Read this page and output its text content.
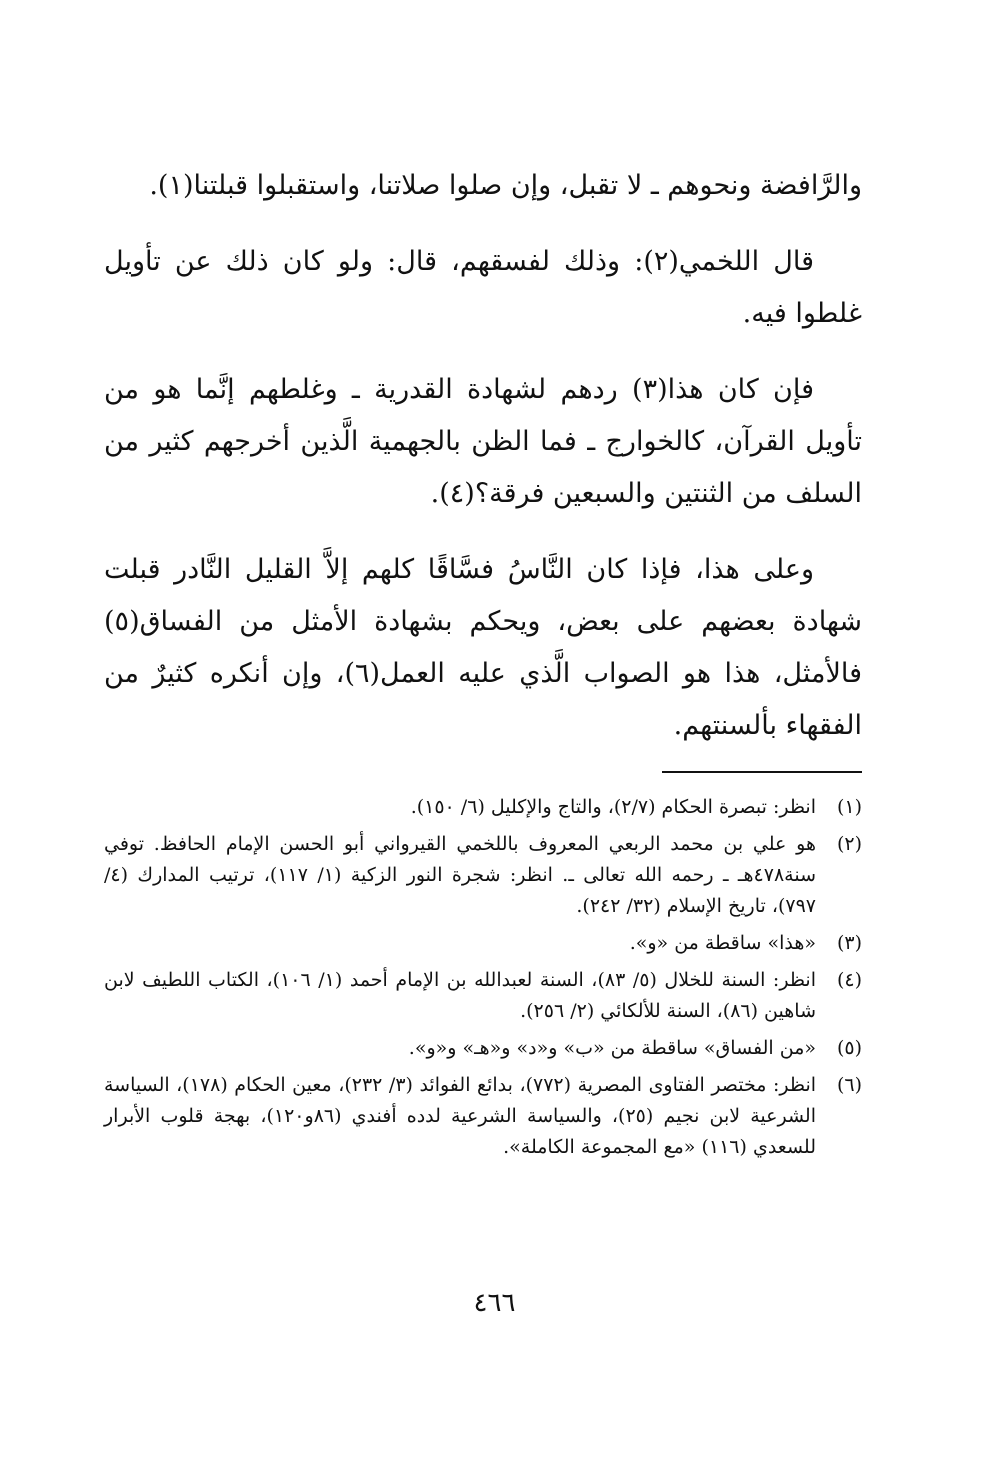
والرَّافضة ونحوهم ـ لا تقبل، وإن صلوا صلاتنا، واستقبلوا قبلتنا(١).

قال اللخمي(٢): وذلك لفسقهم، قال: ولو كان ذلك عن تأويل غلطوا فيه.

فإن كان هذا(٣) ردهم لشهادة القدرية ـ وغلطهم إنَّما هو من تأويل القرآن، كالخوارج ـ فما الظن بالجهمية الَّذين أخرجهم كثير من السلف من الثنتين والسبعين فرقة؟(٤).

وعلى هذا، فإذا كان النَّاسُ فسَّاقًا كلهم إلاَّ القليل النَّادر قبلت شهادة بعضهم على بعض، ويحكم بشهادة الأمثل من الفساق(٥) فالأمثل، هذا هو الصواب الَّذي عليه العمل(٦)، وإن أنكره كثيرٌ من الفقهاء بألسنتهم.

(١)
انظر: تبصرة الحكام (٢/٧)، والتاج والإكليل (٦/ ١٥٠).
(٢)
هو علي بن محمد الربعي المعروف باللخمي القيرواني أبو الحسن الإمام الحافظ. توفي سنة٤٧٨هـ ـ رحمه الله تعالى ـ. انظر: شجرة النور الزكية (١/ ١١٧)، ترتيب المدارك (٤/ ٧٩٧)، تاريخ الإسلام (٣٢/ ٢٤٢).
(٣)
«هذا» ساقطة من «و».
(٤)
انظر: السنة للخلال (٥/ ٨٣)، السنة لعبدالله بن الإمام أحمد (١/ ١٠٦)، الكتاب اللطيف لابن شاهين (٨٦)، السنة للألكائي (٢/ ٢٥٦).
(٥)
«من الفساق» ساقطة من «ب» و«د» و«هـ» و«و».
(٦)
انظر: مختصر الفتاوى المصرية (٧٧٢)، بدائع الفوائد (٣/ ٢٣٢)، معين الحكام (١٧٨)، السياسة الشرعية لابن نجيم (٢٥)، والسياسة الشرعية لدده أفندي (٨٦و١٢٠)، بهجة قلوب الأبرار للسعدي (١١٦) «مع المجموعة الكاملة».
٤٦٦
